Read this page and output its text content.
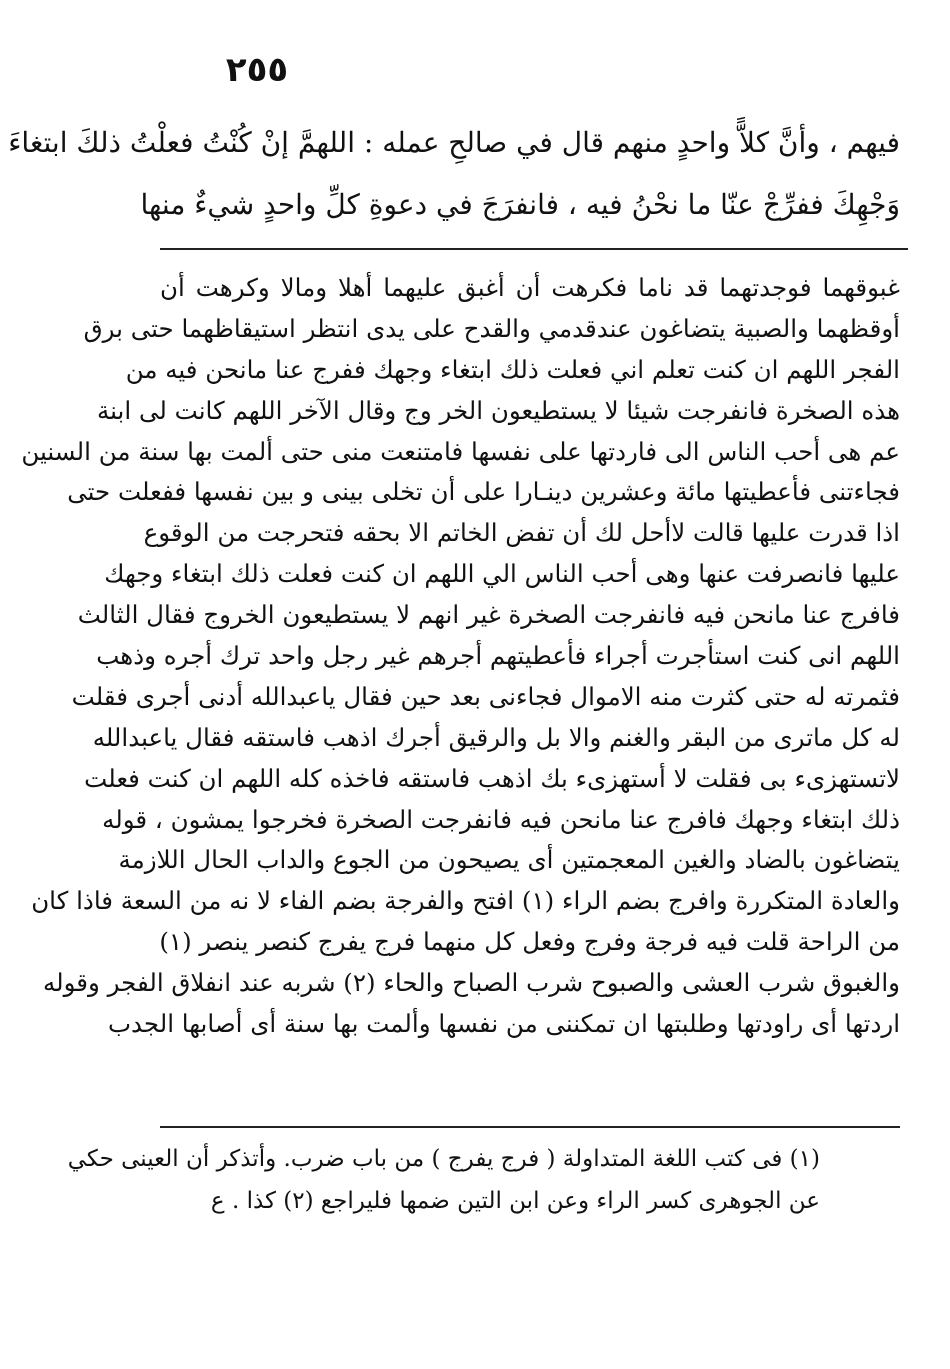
٢٥٥
فيهم ، وأنَّ كلاًّ واحدٍ منهم قال في صالحِ عمله : اللهمَّ إنْ كُنْتُ فعلْتُ ذلكَ ابتغاءَ
وَجْهِكَ ففرِّجْ عنّا ما نحْنُ فيه ، فانفرَجَ في دعوةِ كلِّ واحدٍ شيءٌ منها
غبوقهما فوجدتهما قد ناما فكرهت أن أغبق عليهما أهلا ومالا وكرهت أن
أوقظهما والصبية يتضاغون عندقدمي والقدح على يدى انتظر استيقاظهما حتى برق
الفجر اللهم ان كنت تعلم اني فعلت ذلك ابتغاء وجهك ففرج عنا مانحن فيه من
هذه الصخرة فانفرجت شيئا لا يستطيعون الخر وج وقال الآخر اللهم كانت لى ابنة
عم هى أحب الناس الى فاردتها على نفسها فامتنعت منى حتى ألمت بها سنة من السنين
فجاءتنى فأعطيتها مائة وعشرين دينـارا على أن تخلى بينى و بين نفسها ففعلت حتى
اذا قدرت عليها قالت لاأحل لك أن تفض الخاتم الا بحقه فتحرجت من الوقوع
عليها فانصرفت عنها وهى أحب الناس الي اللهم ان كنت فعلت ذلك ابتغاء وجهك
فافرج عنا مانحن فيه فانفرجت الصخرة غير انهم لا يستطيعون الخروج فقال الثالث
اللهم انى كنت استأجرت أجراء فأعطيتهم أجرهم غير رجل واحد ترك أجره وذهب
فثمرته له حتى كثرت منه الاموال فجاءنى بعد حين فقال ياعبدالله أدنى أجرى فقلت
له كل ماترى من البقر والغنم والا بل والرقيق أجرك اذهب فاستقه فقال ياعبدالله
لاتستهزىء بى فقلت لا أستهزىء بك اذهب فاستقه فاخذه كله اللهم ان كنت فعلت
ذلك ابتغاء وجهك فافرج عنا مانحن فيه فانفرجت الصخرة فخرجوا يمشون ، قوله
يتضاغون بالضاد والغين المعجمتين أى يصيحون من الجوع والداب الحال اللازمة
والعادة المتكررة وافرج بضم الراء (١) افتح والفرجة بضم الفاء لا نه من السعة فاذا كان
من الراحة قلت فيه فرجة وفرج وفعل كل منهما فرج يفرج كنصر ينصر (١)
والغبوق شرب العشى والصبوح شرب الصباح والحاء (٢) شربه عند انفلاق الفجر وقوله
اردتها أى راودتها وطلبتها ان تمكننى من نفسها وألمت بها سنة أى أصابها الجدب
(١) فى كتب اللغة المتداولة ( فرج يفرج ) من باب ضرب. وأتذكر أن العينى حكي
عن الجوهرى كسر الراء وعن ابن التين ضمها فليراجع (٢) كذا . ع
